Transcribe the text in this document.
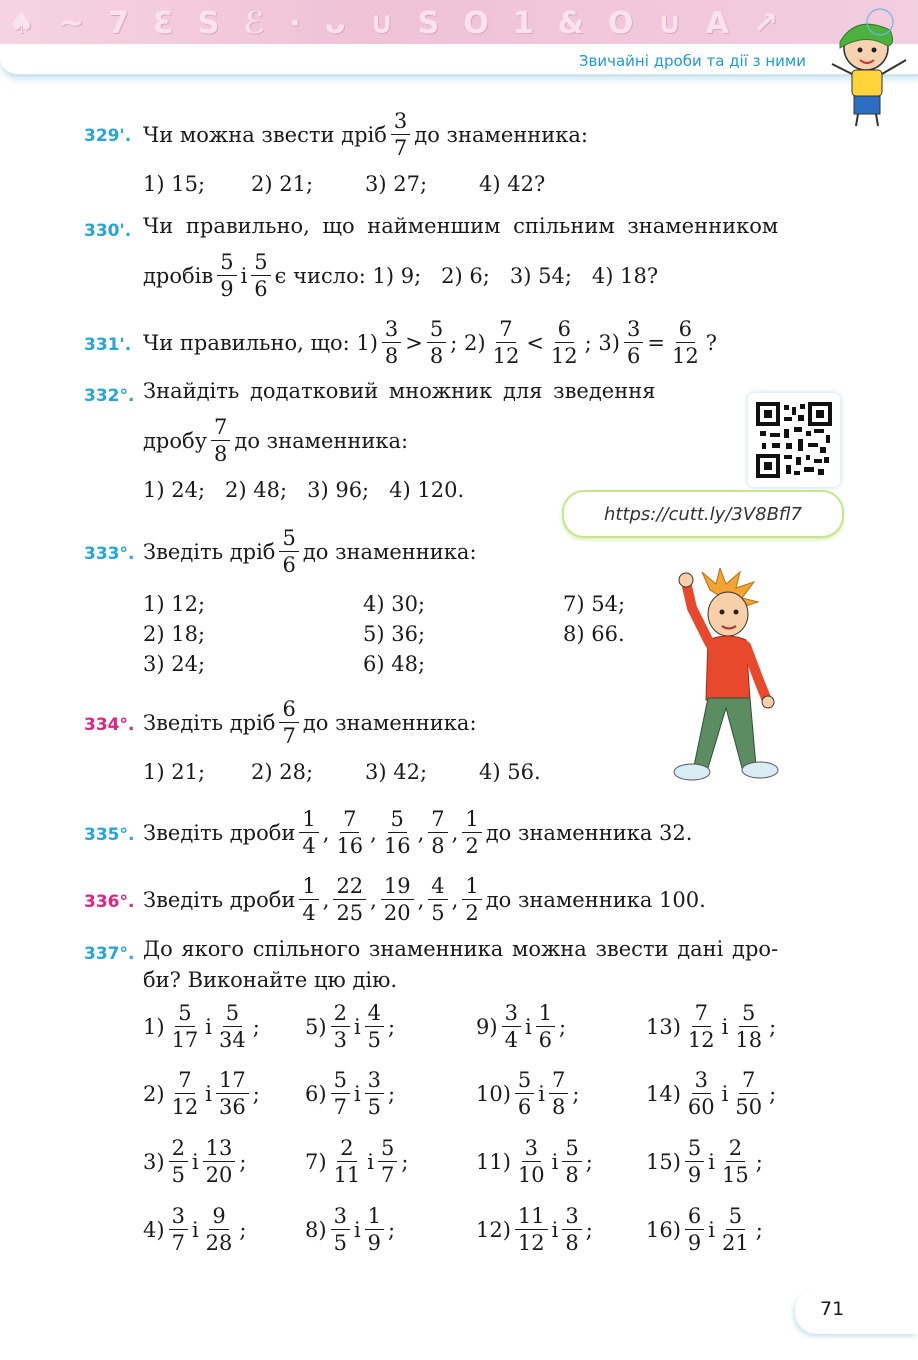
♠ ~ 7 Ɛ S ℰ · ᴗ ∪ S O 1 & O ∪ A ↗
Звичайні дроби та дії з ними
329'. Чи можна звести дріб $\frac{3}{7}$ до знаменника:
1) 15;	2) 21;	3) 27;	4) 42?
330'. Чи правильно, що найменшим спільним знаменником
дробів $\frac{5}{9}$ і $\frac{5}{6}$ є число: 1) 9;   2) 6;   3) 54;   4) 18?
331'. Чи правильно, що: $1) \frac{3}{8} > \frac{5}{8}$ ; $2) \frac{7}{12} < \frac{6}{12}$ ; $3) \frac{3}{6} = \frac{6}{12}$ ?
332°. Знайдіть додатковий множник для зведення
дробу $\frac{7}{8}$ до знаменника:
1) 24;   2) 48;   3) 96;   4) 120.
https://cutt.ly/3V8Bfl7
333°. Зведіть дріб $\frac{5}{6}$ до знаменника:
1) 12;
2) 18;
3) 24;
4) 30;
5) 36;
6) 48;
7) 54;
8) 66.
334°. Зведіть дріб $\frac{6}{7}$ до знаменника:
1) 21;	2) 28;	3) 42;	4) 56.
335°. Зведіть дроби $\frac{1}{4}$ , $\frac{7}{16}$ , $\frac{5}{16}$ , $\frac{7}{8}$ , $\frac{1}{2}$ до знаменника 32.
336°. Зведіть дроби $\frac{1}{4}$ , $\frac{22}{25}$ , $\frac{19}{20}$ , $\frac{4}{5}$ , $\frac{1}{2}$ до знаменника 100.
337°. До якого спільного знаменника можна звести дані дро-
би? Виконайте цю дію.
$1) \frac{5}{17}$ і $\frac{5}{34}$ ; $5) \frac{2}{3}$ і $\frac{4}{5}$ ;	$9) \frac{3}{4}$ і $\frac{1}{6}$ ;	$13) \frac{7}{12}$ і $\frac{5}{18}$ ;
$2) \frac{7}{12}$ і $\frac{17}{36}$ ; $6) \frac{5}{7}$ і $\frac{3}{5}$ ;	$10) \frac{5}{6}$ і $\frac{7}{8}$ ;	$14) \frac{3}{60}$ і $\frac{7}{50}$ ;
$3) \frac{2}{5}$ і $\frac{13}{20}$ ;	$7) \frac{2}{11}$ і $\frac{5}{7}$ ;	$11) \frac{3}{10}$ і $\frac{5}{8}$ ;	$15) \frac{5}{9}$ і $\frac{2}{15}$ ;
$4) \frac{3}{7}$ і $\frac{9}{28}$ ;	$8) \frac{3}{5}$ і $\frac{1}{9}$ ;	$12) \frac{11}{12}$ і $\frac{3}{8}$ ;	$16) \frac{6}{9}$ і $\frac{5}{21}$ ;
71
